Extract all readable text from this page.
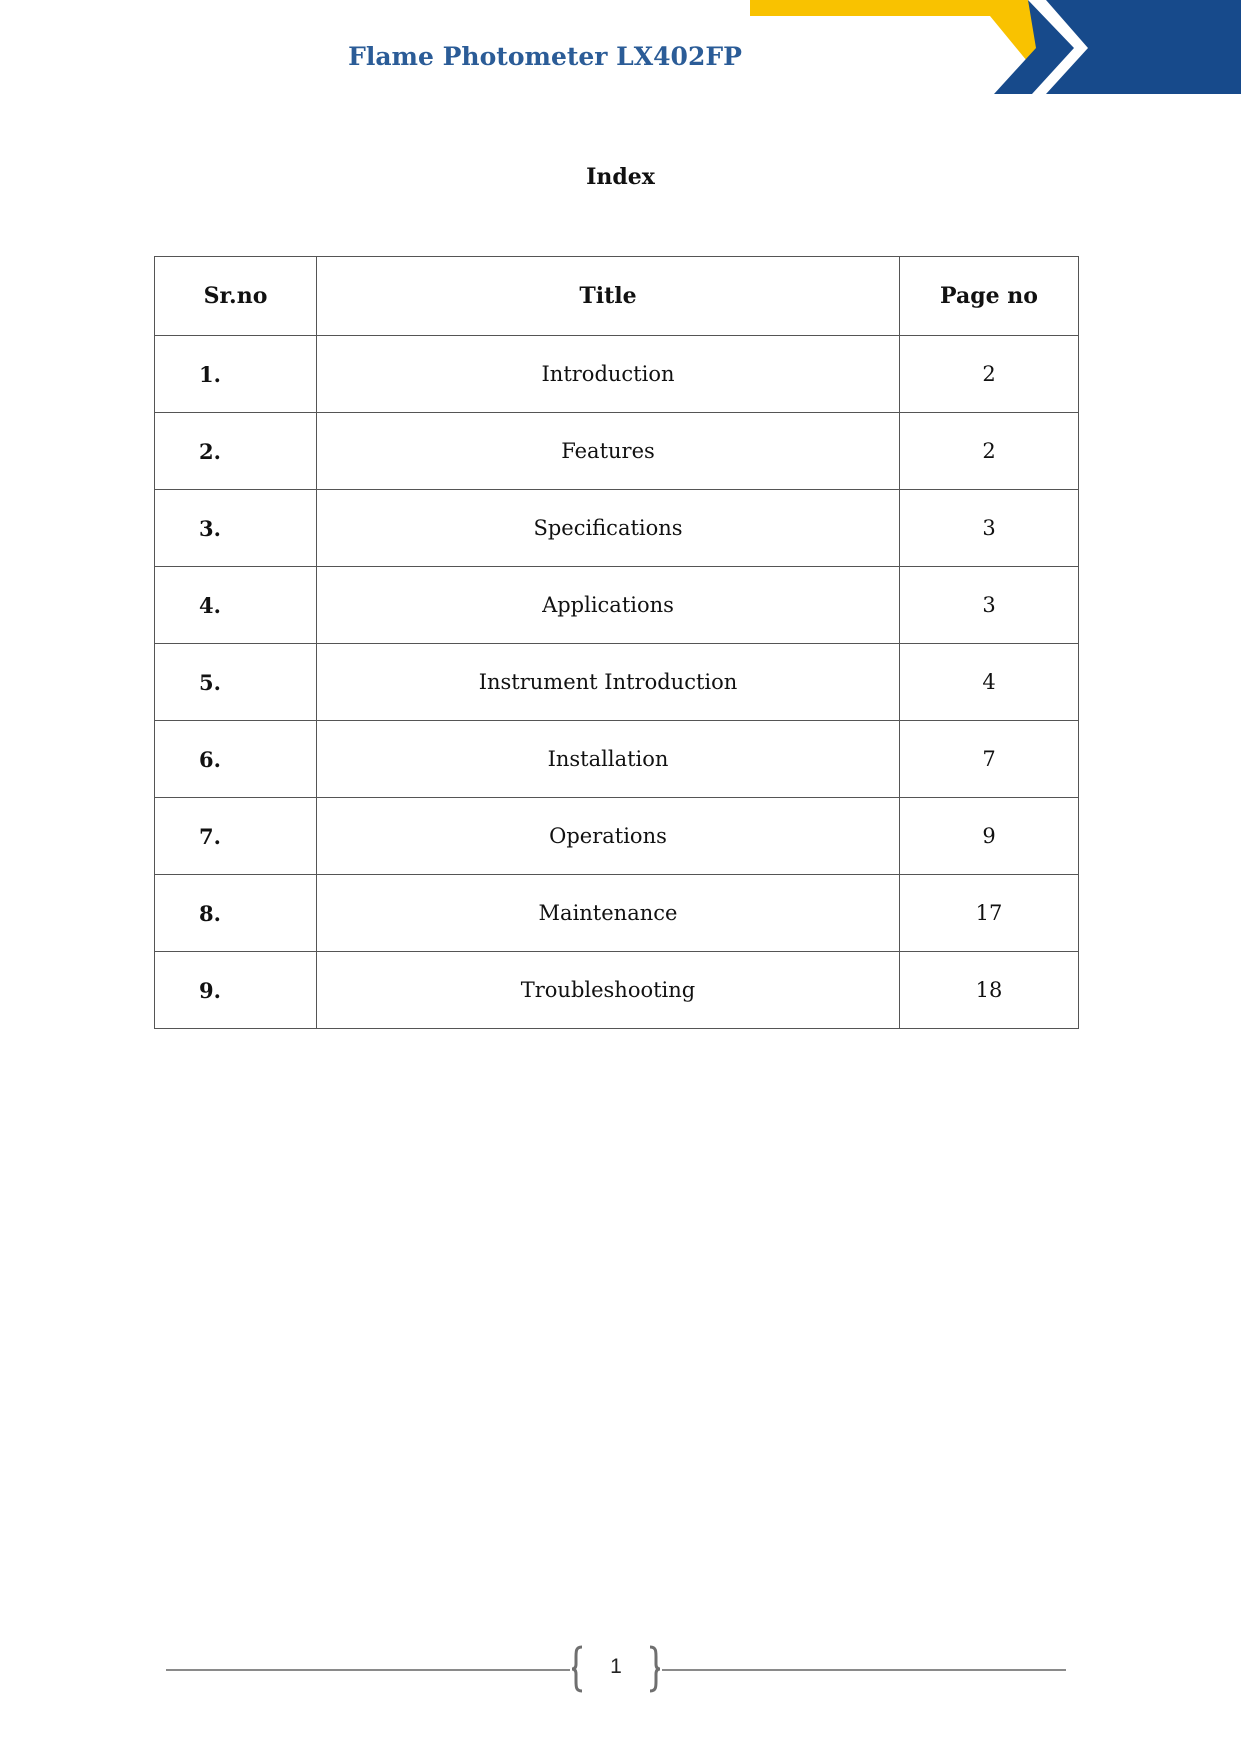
Flame Photometer LX402FP
Index
Sr.no	Title	Page no
1.	Introduction	2
2.	Features	2
3.	Specifications	3
4.	Applications	3
5.	Instrument Introduction	4
6.	Installation	7
7.	Operations	9
8.	Maintenance	17
9.	Troubleshooting	18
1
